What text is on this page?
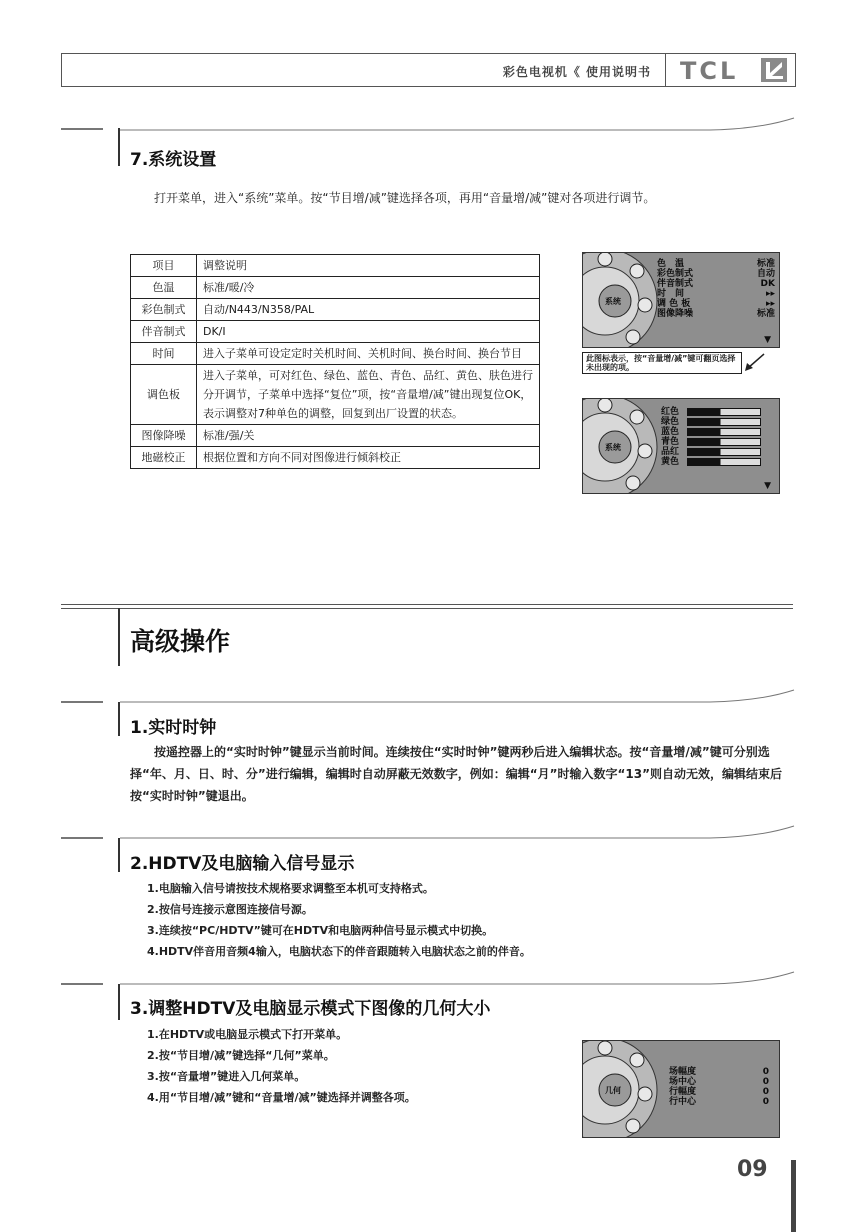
彩色电视机《 使用说明书 TCL
7.系统设置
打开菜单，进入“系统”菜单。按“节目增/减”键选择各项，再用“音量增/减”键对各项进行调节。
项目	调整说明
色温	标准/暖/冷
彩色制式	自动/N443/N358/PAL
伴音制式	DK/I
时间	进入子菜单可设定定时关机时间、关机时间、换台时间、换台节目
调色板	进入子菜单，可对红色、绿色、蓝色、青色、品红、黄色、肤色进行分开调节，子菜单中选择“复位”项，按“音量增/减”键出现复位OK，表示调整对7种单色的调整，回复到出厂设置的状态。
图像降噪	标准/强/关
地磁校正	根据位置和方向不同对图像进行倾斜校正
系统
色　温	标准
彩色制式	自动
伴音制式	DK
时　间	▸▸
调 色 板	▸▸
图像降噪	标准
▼
此图标表示，按“音量增/减”键可翻页选择未出现的项。
系统
红色
绿色
蓝色
青色
品红
黄色
▼
高级操作
1.实时时钟
按遥控器上的“实时时钟”键显示当前时间。连续按住“实时时钟”键两秒后进入编辑状态。按“音量增/减”键可分别选择“年、月、日、时、分”进行编辑，编辑时自动屏蔽无效数字，例如：编辑“月”时输入数字“13”则自动无效，编辑结束后按“实时时钟”键退出。
2.HDTV及电脑输入信号显示
1.电脑输入信号请按技术规格要求调整至本机可支持格式。
2.按信号连接示意图连接信号源。
3.连续按“PC/HDTV”键可在HDTV和电脑两种信号显示模式中切换。
4.HDTV伴音用音频4输入，电脑状态下的伴音跟随转入电脑状态之前的伴音。
3.调整HDTV及电脑显示模式下图像的几何大小
1.在HDTV或电脑显示模式下打开菜单。
2.按“节目增/减”键选择“几何”菜单。
3.按“音量增”键进入几何菜单。
4.用“节目增/减”键和“音量增/减”键选择并调整各项。
几何
场幅度	0
场中心	0
行幅度	0
行中心	0
09
